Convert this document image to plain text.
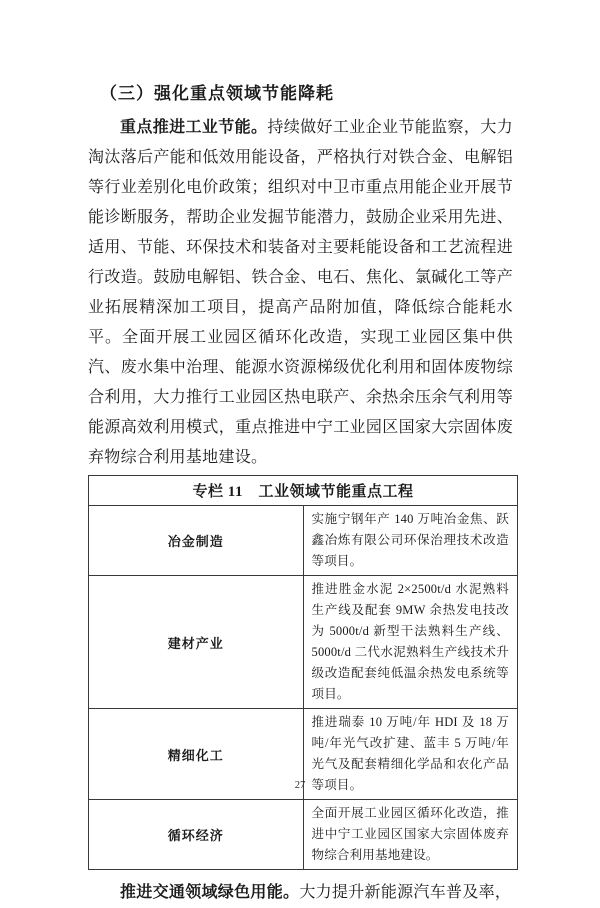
（三）强化重点领域节能降耗

重点推进工业节能。持续做好工业企业节能监察，大力淘汰落后产能和低效用能设备，严格执行对铁合金、电解铝等行业差别化电价政策；组织对中卫市重点用能企业开展节能诊断服务，帮助企业发掘节能潜力，鼓励企业采用先进、适用、节能、环保技术和装备对主要耗能设备和工艺流程进行改造。鼓励电解铝、铁合金、电石、焦化、氯碱化工等产业拓展精深加工项目，提高产品附加值，降低综合能耗水平。全面开展工业园区循环化改造，实现工业园区集中供汽、废水集中治理、能源水资源梯级优化利用和固体废物综合利用，大力推行工业园区热电联产、余热余压余气利用等能源高效利用模式，重点推进中宁工业园区国家大宗固体废弃物综合利用基地建设。

专栏 11　工业领域节能重点工程	
冶金制造	实施宁钢年产 140 万吨冶金焦、跃鑫冶炼有限公司环保治理技术改造等项目。
建材产业	推进胜金水泥 2×2500t/d 水泥熟料生产线及配套 9MW 余热发电技改为 5000t/d 新型干法熟料生产线、5000t/d 二代水泥熟料生产线技术升级改造配套纯低温余热发电系统等项目。
精细化工	推进瑞泰 10 万吨/年 HDI 及 18 万吨/年光气改扩建、蓝丰 5 万吨/年光气及配套精细化学品和农化产品等项目。
循环经济	全面开展工业园区循环化改造，推进中宁工业园区国家大宗固体废弃物综合利用基地建设。

推进交通领域绿色用能。大力提升新能源汽车普及率，

27
